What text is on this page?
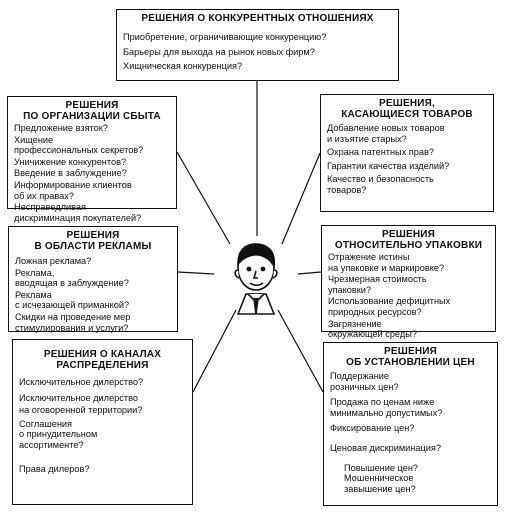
РЕШЕНИЯ О КОНКУРЕНТНЫХ ОТНОШЕНИЯХ
Приобретение, ограничивающие конкуренцию?
Барьеры для выхода на рынок новых фирм?
Хищническая конкуренция?
РЕШЕНИЯ
ПО ОРГАНИЗАЦИИ СБЫТА
Предложение взяток?
Хищение
профессиональных секретов?
Уничижение конкурентов?
Введение в заблуждение?
Информирование клиентов
об их правах?
Несправедливая
дискриминация покупателей?
РЕШЕНИЯ,
КАСАЮЩИЕСЯ ТОВАРОВ
Добавление новых товаров
и изъятие старых?
Охрана патентных прав?
Гарантии качества изделий?
Качество и безопасность
товаров?
РЕШЕНИЯ
В ОБЛАСТИ РЕКЛАМЫ
Ложная реклама?
Реклама,
вводящая в заблуждение?
Реклама
с исчезающей приманкой?
Скидки на проведение мер
стимулирования и услуги?
РЕШЕНИЯ
ОТНОСИТЕЛЬНО УПАКОВКИ
Отражение истины
на упаковке и маркировке?
Чрезмерная стоимость
упаковки?
Использование дефицитных
природных ресурсов?
Загрязнение
окружающей среды?
РЕШЕНИЯ О КАНАЛАХ
РАСПРЕДЕЛЕНИЯ
Исключительное дилерство?
Исключительное дилерство
на оговоренной территории?
Соглашения
о принудительном
ассортименте?
Права дилеров?
РЕШЕНИЯ
ОБ УСТАНОВЛЕНИИ ЦЕН
Поддержание
розничных цен?
Продажа по ценам ниже
минимально допустимых?
Фиксирование цен?
Ценовая дискриминация?
Повышение цен?
Мошенническое
завышение цен?
